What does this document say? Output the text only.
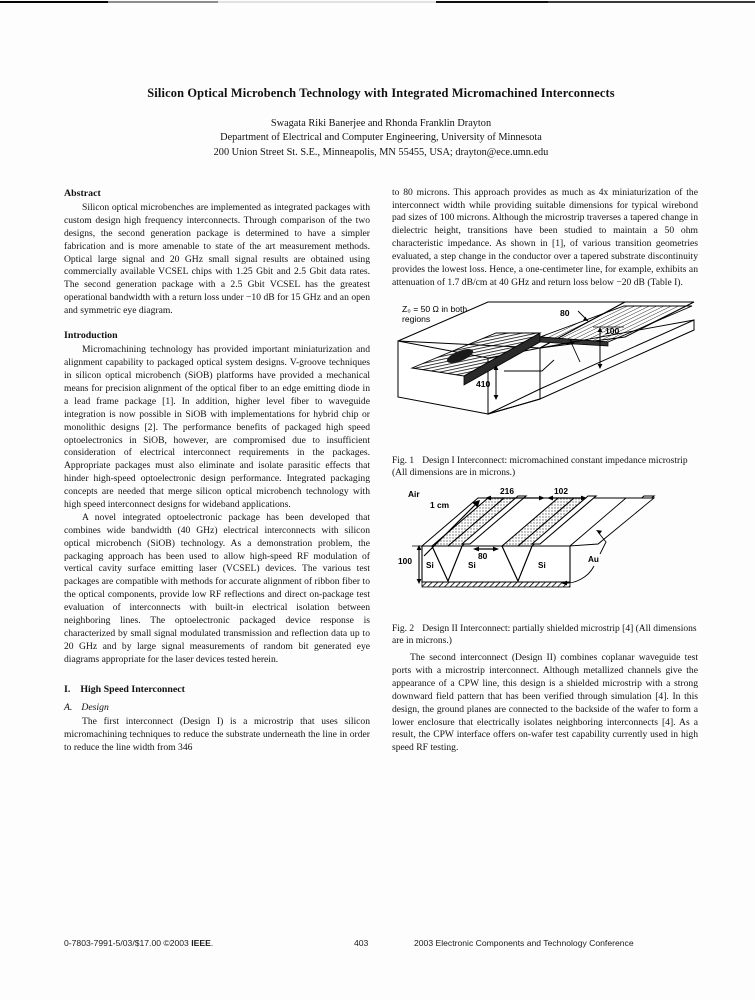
Silicon Optical Microbench Technology with Integrated Micromachined Interconnects
Swagata Riki Banerjee and Rhonda Franklin Drayton
Department of Electrical and Computer Engineering, University of Minnesota
200 Union Street St. S.E., Minneapolis, MN 55455, USA; drayton@ece.umn.edu
Abstract

Silicon optical microbenches are implemented as integrated packages with custom design high frequency interconnects. Through comparison of the two designs, the second generation package is determined to have a simpler fabrication and is more amenable to state of the art measurement methods. Optical large signal and 20 GHz small signal results are obtained using commercially available VCSEL chips with 1.25 Gbit and 2.5 Gbit data rates. The second generation package with a 2.5 Gbit VCSEL has the greatest operational bandwidth with a return loss under −10 dB for 15 GHz and an open and symmetric eye diagram.

Introduction

Micromachining technology has provided important miniaturization and alignment capability to packaged optical system designs. V-groove techniques in silicon optical microbench (SiOB) platforms have provided a mechanical means for precision alignment of the optical fiber to an edge emitting diode in a lead frame package [1]. In addition, higher level fiber to waveguide integration is now possible in SiOB with implementations for hybrid chip or monolithic designs [2]. The performance benefits of packaged high speed optoelectronics in SiOB, however, are compromised due to insufficient consideration of electrical interconnect requirements in the packages. Appropriate packages must also eliminate and isolate parasitic effects that hinder high-speed optoelectronic design performance. Integrated packaging concepts are needed that merge silicon optical microbench technology with high speed interconnect designs for wideband applications.

A novel integrated optoelectronic package has been developed that combines wide bandwidth (40 GHz) electrical interconnects with silicon optical microbench (SiOB) technology. As a demonstration problem, the packaging approach has been used to allow high-speed RF modulation of vertical cavity surface emitting laser (VCSEL) devices. The various test packages are compatible with methods for accurate alignment of ribbon fiber to the optical components, provide low RF reflections and direct on-package test evaluation of interconnects with built-in electrical isolation between neighboring lines. The optoelectronic packaged device response is characterized by small signal modulated transmission and reflection data up to 20 GHz and by large signal measurements of random bit generated eye diagrams appropriate for the laser devices tested herein.

I. High Speed Interconnect
A. Design

The first interconnect (Design I) is a microstrip that uses silicon micromachining techniques to reduce the substrate underneath the line in order to reduce the line width from 346

to 80 microns. This approach provides as much as 4x miniaturization of the interconnect width while providing suitable dimensions for typical wirebond pad sizes of 100 microns. Although the microstrip traverses a tapered change in dielectric height, transitions have been studied to maintain a 50 ohm characteristic impedance. As shown in [1], of various transition geometries evaluated, a step change in the conductor over a tapered substrate discontinuity provides the lowest loss. Hence, a one-centimeter line, for example, exhibits an attenuation of 1.7 dB/cm at 40 GHz and return loss below −20 dB (Table I).

Z₀ = 50 Ω in both
regions
80
100
410
Fig. 1 Design I Interconnect: micromachined constant impedance microstrip (All dimensions are in microns.)
1 cm
Air	216	102
80
100 Si	Si	Si
Au
Fig. 2 Design II Interconnect: partially shielded microstrip [4] (All dimensions are in microns.)

The second interconnect (Design II) combines coplanar waveguide test ports with a microstrip interconnect. Although metallized channels give the appearance of a CPW line, this design is a shielded microstrip with a strong downward field pattern that has been verified through simulation [4]. In this design, the ground planes are connected to the backside of the wafer to form a lower enclosure that electrically isolates neighboring interconnects [4]. As a result, the CPW interface offers on-wafer test capability currently used in high speed RF testing.

0-7803-7991-5/03/$17.00 ©2003 IEEE.	403	2003 Electronic Components and Technology Conference
